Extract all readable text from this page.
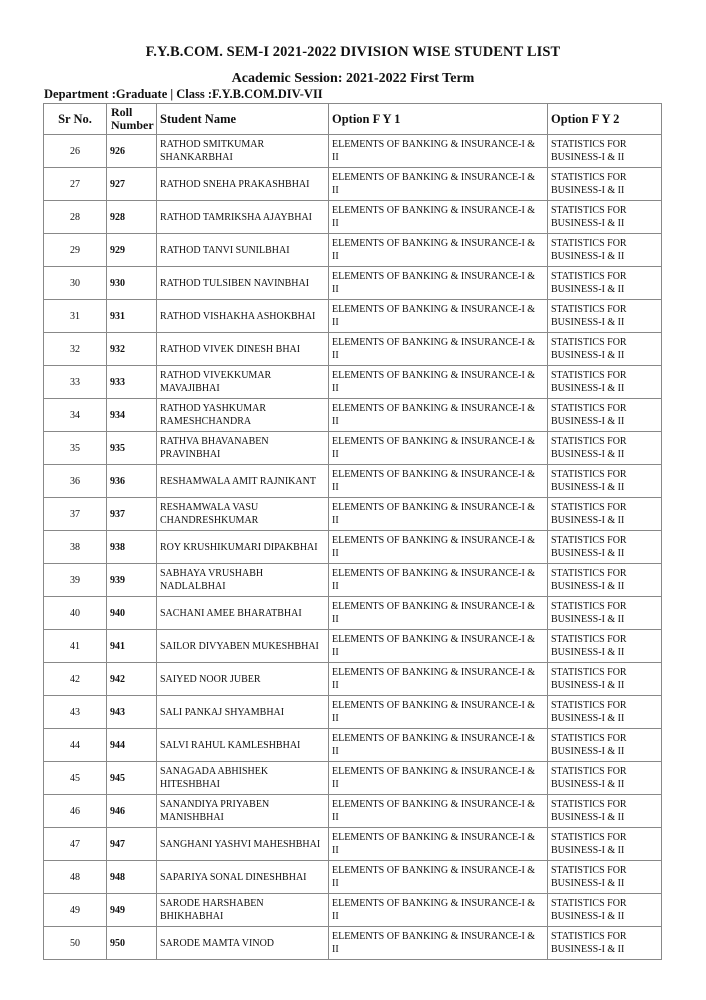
F.Y.B.COM. SEM-I 2021-2022 DIVISION WISE STUDENT LIST
Academic Session: 2021-2022 First Term
Department :Graduate | Class :F.Y.B.COM.DIV-VII
Sr No.	Roll Number	Student Name	Option F Y 1	Option F Y 2
26	926	RATHOD SMITKUMAR SHANKARBHAI	ELEMENTS OF BANKING & INSURANCE-I & II	STATISTICS FOR BUSINESS-I & II
27	927	RATHOD SNEHA PRAKASHBHAI	ELEMENTS OF BANKING & INSURANCE-I & II	STATISTICS FOR BUSINESS-I & II
28	928	RATHOD TAMRIKSHA AJAYBHAI	ELEMENTS OF BANKING & INSURANCE-I & II	STATISTICS FOR BUSINESS-I & II
29	929	RATHOD TANVI SUNILBHAI	ELEMENTS OF BANKING & INSURANCE-I & II	STATISTICS FOR BUSINESS-I & II
30	930	RATHOD TULSIBEN NAVINBHAI	ELEMENTS OF BANKING & INSURANCE-I & II	STATISTICS FOR BUSINESS-I & II
31	931	RATHOD VISHAKHA ASHOKBHAI	ELEMENTS OF BANKING & INSURANCE-I & II	STATISTICS FOR BUSINESS-I & II
32	932	RATHOD VIVEK DINESH BHAI	ELEMENTS OF BANKING & INSURANCE-I & II	STATISTICS FOR BUSINESS-I & II
33	933	RATHOD VIVEKKUMAR MAVAJIBHAI	ELEMENTS OF BANKING & INSURANCE-I & II	STATISTICS FOR BUSINESS-I & II
34	934	RATHOD YASHKUMAR RAMESHCHANDRA	ELEMENTS OF BANKING & INSURANCE-I & II	STATISTICS FOR BUSINESS-I & II
35	935	RATHVA BHAVANABEN PRAVINBHAI	ELEMENTS OF BANKING & INSURANCE-I & II	STATISTICS FOR BUSINESS-I & II
36	936	RESHAMWALA AMIT RAJNIKANT	ELEMENTS OF BANKING & INSURANCE-I & II	STATISTICS FOR BUSINESS-I & II
37	937	RESHAMWALA VASU CHANDRESHKUMAR	ELEMENTS OF BANKING & INSURANCE-I & II	STATISTICS FOR BUSINESS-I & II
38	938	ROY KRUSHIKUMARI DIPAKBHAI	ELEMENTS OF BANKING & INSURANCE-I & II	STATISTICS FOR BUSINESS-I & II
39	939	SABHAYA VRUSHABH NADLALBHAI	ELEMENTS OF BANKING & INSURANCE-I & II	STATISTICS FOR BUSINESS-I & II
40	940	SACHANI AMEE BHARATBHAI	ELEMENTS OF BANKING & INSURANCE-I & II	STATISTICS FOR BUSINESS-I & II
41	941	SAILOR DIVYABEN MUKESHBHAI	ELEMENTS OF BANKING & INSURANCE-I & II	STATISTICS FOR BUSINESS-I & II
42	942	SAIYED NOOR JUBER	ELEMENTS OF BANKING & INSURANCE-I & II	STATISTICS FOR BUSINESS-I & II
43	943	SALI PANKAJ SHYAMBHAI	ELEMENTS OF BANKING & INSURANCE-I & II	STATISTICS FOR BUSINESS-I & II
44	944	SALVI RAHUL KAMLESHBHAI	ELEMENTS OF BANKING & INSURANCE-I & II	STATISTICS FOR BUSINESS-I & II
45	945	SANAGADA ABHISHEK HITESHBHAI	ELEMENTS OF BANKING & INSURANCE-I & II	STATISTICS FOR BUSINESS-I & II
46	946	SANANDIYA PRIYABEN MANISHBHAI	ELEMENTS OF BANKING & INSURANCE-I & II	STATISTICS FOR BUSINESS-I & II
47	947	SANGHANI YASHVI MAHESHBHAI	ELEMENTS OF BANKING & INSURANCE-I & II	STATISTICS FOR BUSINESS-I & II
48	948	SAPARIYA SONAL DINESHBHAI	ELEMENTS OF BANKING & INSURANCE-I & II	STATISTICS FOR BUSINESS-I & II
49	949	SARODE HARSHABEN BHIKHABHAI	ELEMENTS OF BANKING & INSURANCE-I & II	STATISTICS FOR BUSINESS-I & II
50	950	SARODE MAMTA VINOD	ELEMENTS OF BANKING & INSURANCE-I & II	STATISTICS FOR BUSINESS-I & II
